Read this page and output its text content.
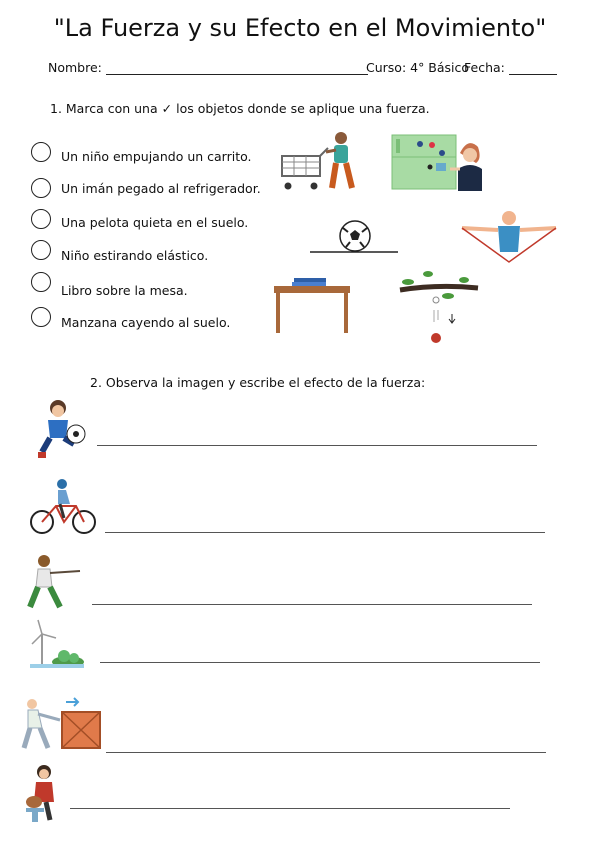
"La Fuerza y su Efecto en el Movimiento"
Nombre:	Curso: 4° Básico
Fecha:
1. Marca con una ✓ los objetos donde se aplique una fuerza.
Un niño empujando un carrito.
Un imán pegado al refrigerador.
Una pelota quieta en el suelo.
Niño estirando elástico.
Libro sobre la mesa.
Manzana cayendo al suelo.
2. Observa la imagen y escribe el efecto de la fuerza:
